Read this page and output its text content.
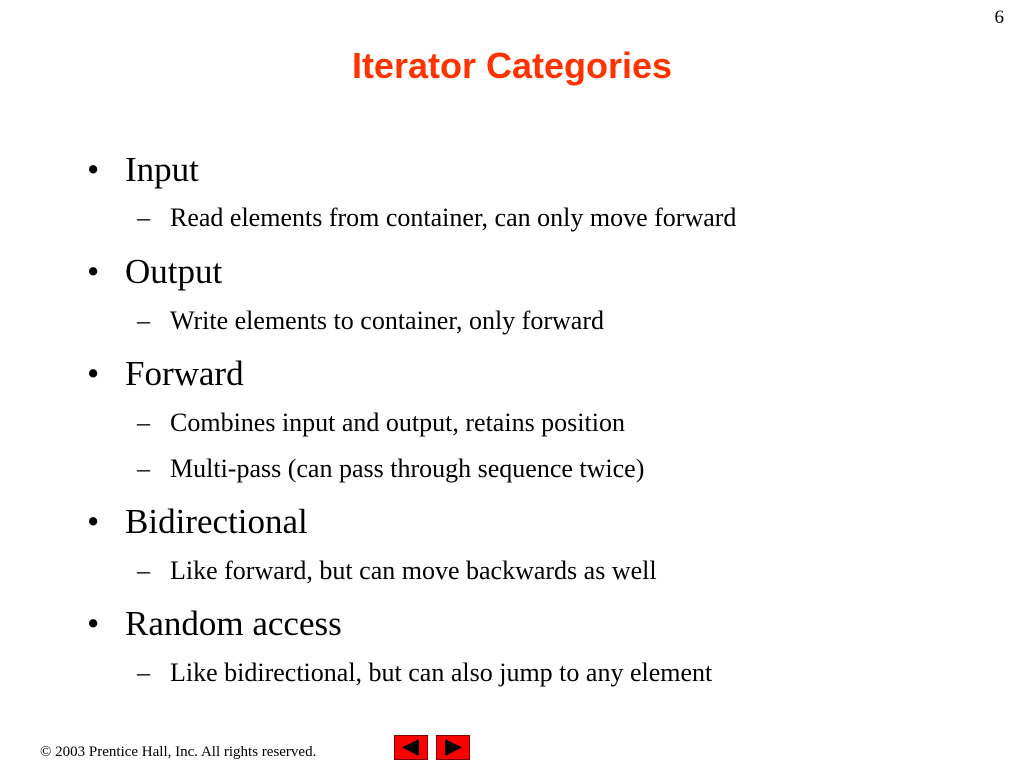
6
Iterator Categories
• Input
– Read elements from container, can only move forward
• Output
– Write elements to container, only forward
• Forward
– Combines input and output, retains position
– Multi-pass (can pass through sequence twice)
• Bidirectional
– Like forward, but can move backwards as well
• Random access
– Like bidirectional, but can also jump to any element
© 2003 Prentice Hall, Inc. All rights reserved.
